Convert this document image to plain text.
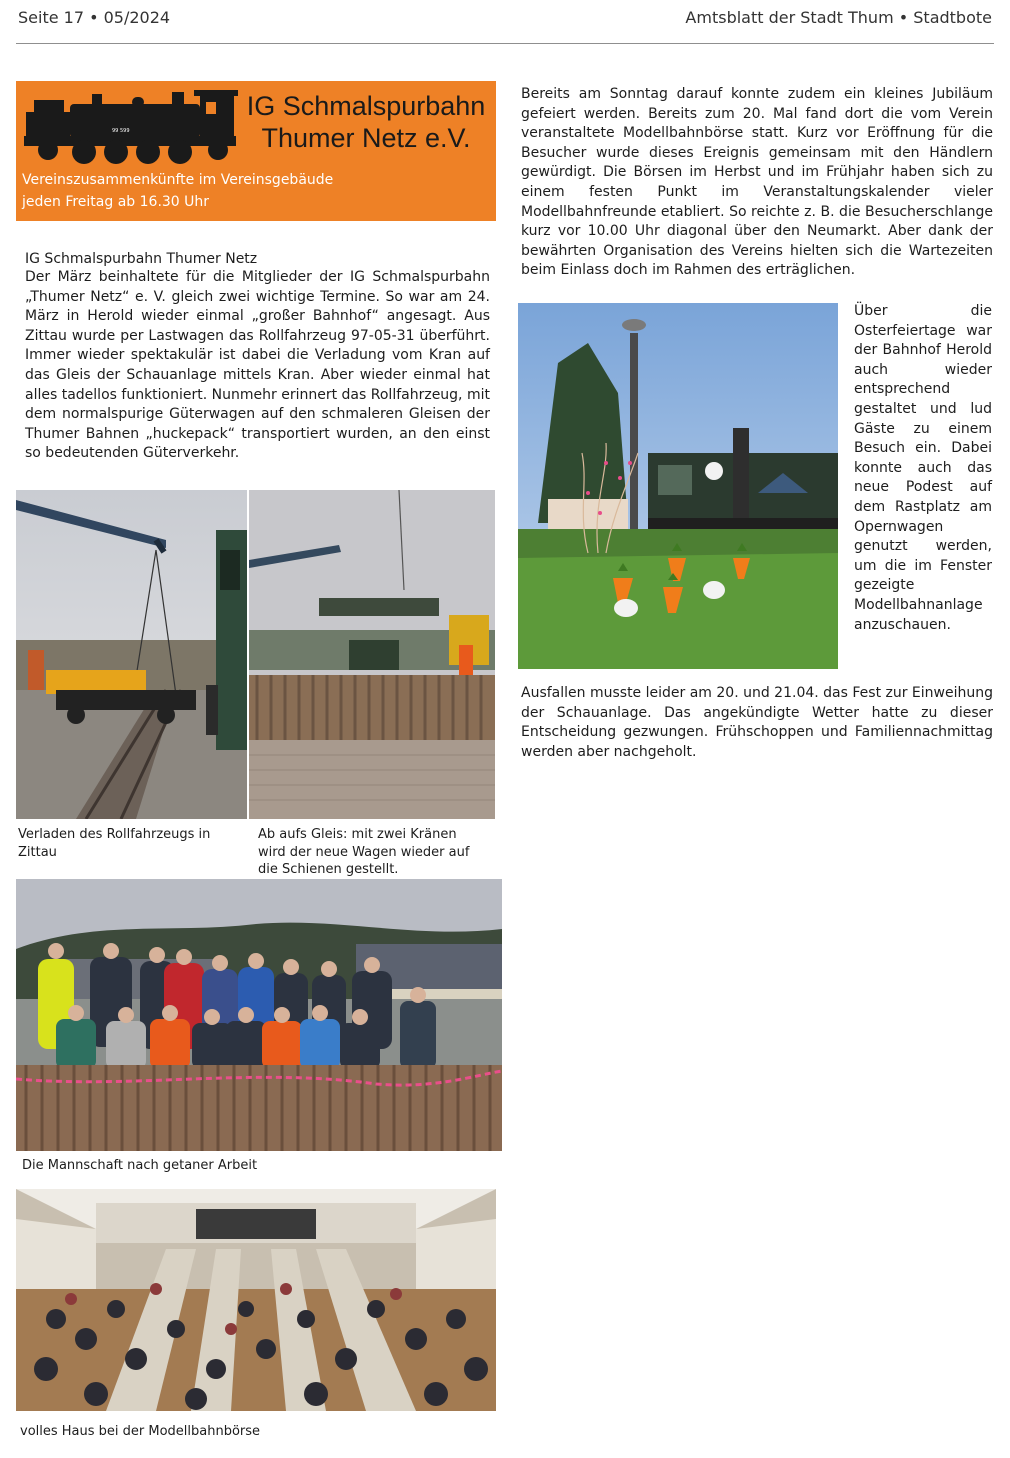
Seite 17 • 05/2024	Amtsblatt der Stadt Thum • Stadtbote
99 599
IG Schmalspurbahn
Thumer Netz e.V.
Vereinszusammenkünfte im Vereinsgebäude
jeden Freitag ab 16.30 Uhr
IG Schmalspurbahn Thumer Netz
Der März beinhaltete für die Mitglieder der IG Schmalspurbahn „Thumer Netz“ e. V. gleich zwei wichtige Termine. So war am 24. März in Herold wieder einmal „großer Bahnhof“ angesagt. Aus Zittau wurde per Lastwagen das Rollfahrzeug 97-05-31 überführt. Immer wieder spektakulär ist dabei die Verladung vom Kran auf das Gleis der Schauanlage mittels Kran. Aber wieder einmal hat alles tadellos funktioniert. Nunmehr erinnert das Rollfahrzeug, mit dem normalspurige Güterwagen auf den schmaleren Gleisen der Thumer Bahnen „huckepack“ transportiert wurden, an den einst so bedeutenden Güterverkehr.
Verladen des Rollfahrzeugs in Zittau
Ab aufs Gleis: mit zwei Kränen wird der neue Wagen wieder auf die Schienen gestellt.
Die Mannschaft nach getaner Arbeit
volles Haus bei der Modellbahnbörse
Bereits am Sonntag darauf konnte zudem ein kleines Jubiläum gefeiert werden. Bereits zum 20. Mal fand dort die vom Verein veranstaltete Modellbahnbörse statt. Kurz vor Eröffnung für die Besucher wurde dieses Ereignis gemeinsam mit den Händlern gewürdigt. Die Börsen im Herbst und im Frühjahr haben sich zu einem festen Punkt im Veranstaltungskalender vieler Modellbahnfreunde etabliert. So reichte z. B. die Besucherschlange kurz vor 10.00 Uhr diagonal über den Neumarkt. Aber dank der bewährten Organisation des Vereins hielten sich die Wartezeiten beim Einlass doch im Rahmen des erträglichen.
Über die Osterfeiertage war der Bahnhof Herold auch wieder entsprechend gestaltet und lud Gäste zu einem Besuch ein. Dabei konnte auch das neue Podest auf dem Rastplatz am Opernwagen genutzt werden, um die im Fenster gezeigte Modellbahnanlage anzuschauen.
Ausfallen musste leider am 20. und 21.04. das Fest zur Einweihung der Schauanlage. Das angekündigte Wetter hatte zu dieser Entscheidung gezwungen. Frühschoppen und Familiennachmittag werden aber nachgeholt.
